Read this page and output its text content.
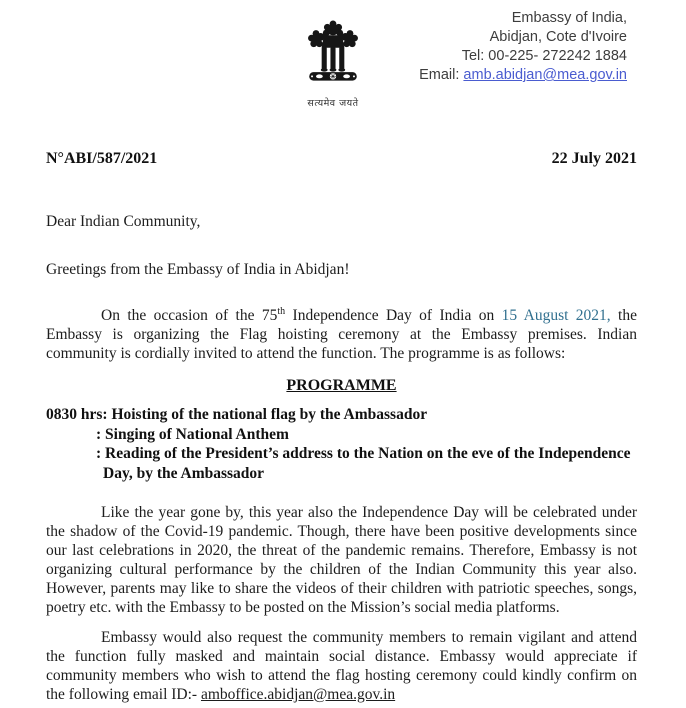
सत्यमेव जयते
Embassy of India,
Abidjan, Cote d'Ivoire
Tel: 00-225- 272242 1884
Email: amb.abidjan@mea.gov.in
N°ABI/587/2021	22 July 2021

Dear Indian Community,

Greetings from the Embassy of India in Abidjan!

On the occasion of the 75th Independence Day of India on 15 August 2021, the Embassy is organizing the Flag hoisting ceremony at the Embassy premises. Indian community is cordially invited to attend the function. The programme is as follows:

PROGRAMME
0830 hrs: Hoisting of the national flag by the Ambassador
: Singing of National Anthem
: Reading of the President’s address to the Nation on the eve of the Independence
Day, by the Ambassador

Like the year gone by, this year also the Independence Day will be celebrated under the shadow of the Covid-19 pandemic. Though, there have been positive developments since our last celebrations in 2020, the threat of the pandemic remains. Therefore, Embassy is not organizing cultural performance by the children of the Indian Community this year also. However, parents may like to share the videos of their children with patriotic speeches, songs, poetry etc. with the Embassy to be posted on the Mission’s social media platforms.

Embassy would also request the community members to remain vigilant and attend the function fully masked and maintain social distance. Embassy would appreciate if community members who wish to attend the flag hosting ceremony could kindly confirm on the following email ID:- amboffice.abidjan@mea.gov.in
